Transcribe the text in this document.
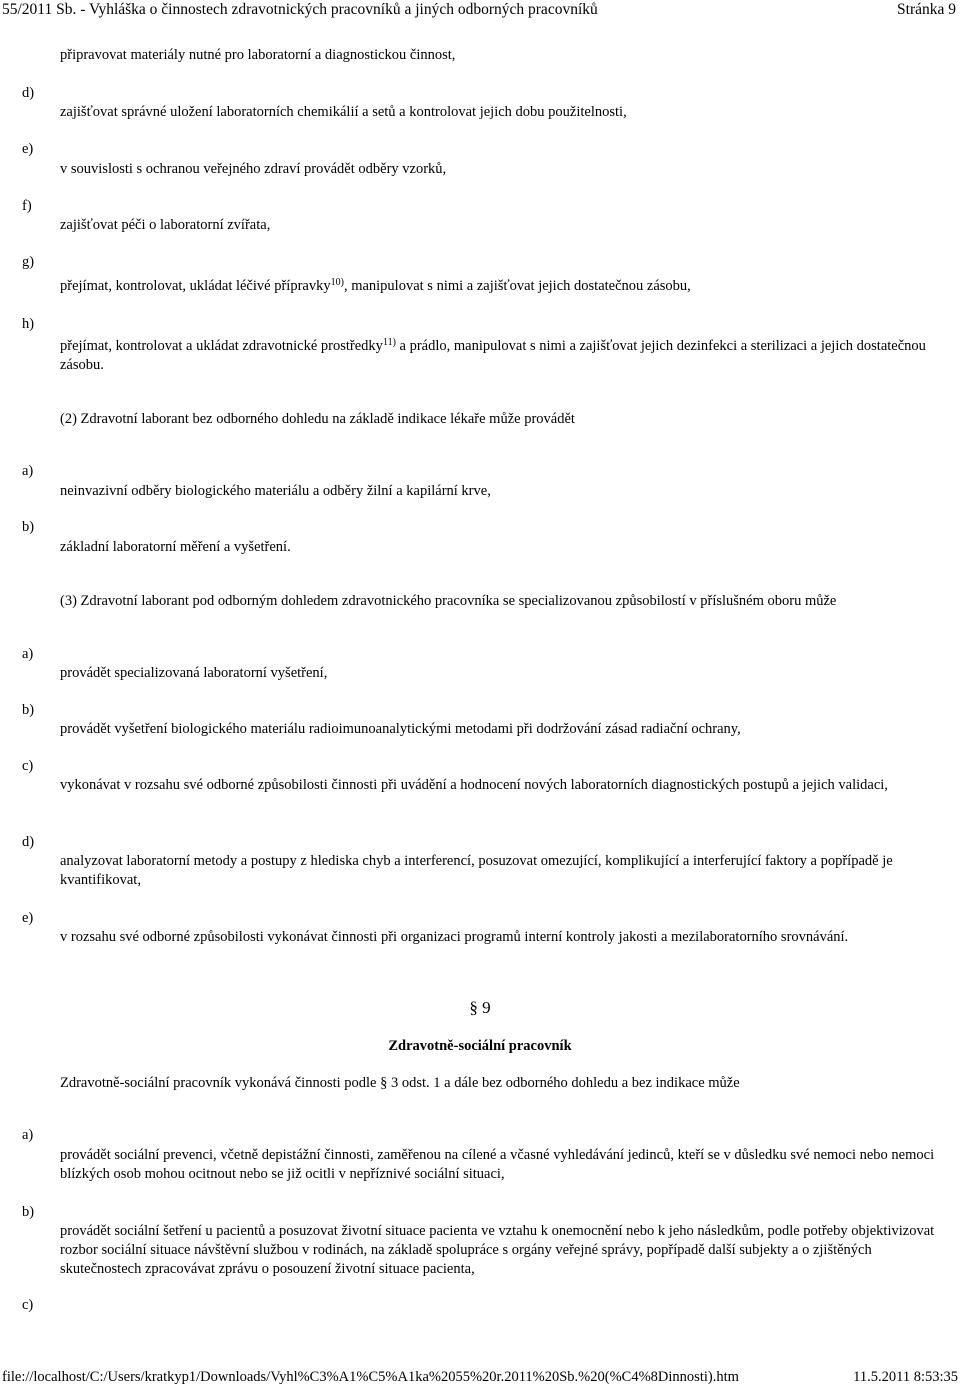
55/2011 Sb. - Vyhláška o činnostech zdravotnických pracovníků a jiných odborných pracovníků	Stránka 9
připravovat materiály nutné pro laboratorní a diagnostickou činnost,
d)
zajišťovat správné uložení laboratorních chemikálií a setů a kontrolovat jejich dobu použitelnosti,
e)
v souvislosti s ochranou veřejného zdraví provádět odběry vzorků,
f)
zajišťovat péči o laboratorní zvířata,
g)
přejímat, kontrolovat, ukládat léčivé přípravky$^{10)}$, manipulovat s nimi a zajišťovat jejich dostatečnou zásobu,
h)
přejímat, kontrolovat a ukládat zdravotnické prostředky$^{11)}$ a prádlo, manipulovat s nimi a zajišťovat jejich dezinfekci a sterilizaci a jejich dostatečnou zásobu.
(2) Zdravotní laborant bez odborného dohledu na základě indikace lékaře může provádět
a)
neinvazivní odběry biologického materiálu a odběry žilní a kapilární krve,
b)
základní laboratorní měření a vyšetření.
(3) Zdravotní laborant pod odborným dohledem zdravotnického pracovníka se specializovanou způsobilostí v příslušném oboru může
a)
provádět specializovaná laboratorní vyšetření,
b)
provádět vyšetření biologického materiálu radioimunoanalytickými metodami při dodržování zásad radiační ochrany,
c)
vykonávat v rozsahu své odborné způsobilosti činnosti při uvádění a hodnocení nových laboratorních diagnostických postupů a jejich validaci,
d)
analyzovat laboratorní metody a postupy z hlediska chyb a interferencí, posuzovat omezující, komplikující a interferující faktory a popřípadě je kvantifikovat,
e)
v rozsahu své odborné způsobilosti vykonávat činnosti při organizaci programů interní kontroly jakosti a mezilaboratorního srovnávání.
§ 9
Zdravotně-sociální pracovník
Zdravotně-sociální pracovník vykonává činnosti podle § 3 odst. 1 a dále bez odborného dohledu a bez indikace může
a)
provádět sociální prevenci, včetně depistážní činnosti, zaměřenou na cílené a včasné vyhledávání jedinců, kteří se v důsledku své nemoci nebo nemoci blízkých osob mohou ocitnout nebo se již ocitli v nepříznivé sociální situaci,
b)
provádět sociální šetření u pacientů a posuzovat životní situace pacienta ve vztahu k onemocnění nebo k jeho následkům, podle potřeby objektivizovat rozbor sociální situace návštěvní službou v rodinách, na základě spolupráce s orgány veřejné správy, popřípadě další subjekty a o zjištěných skutečnostech zpracovávat zprávu o posouzení životní situace pacienta,
c)
file://localhost/C:/Users/kratkyp1/Downloads/Vyhl%C3%A1%C5%A1ka%2055%20r.2011%20Sb.%20(%C4%8Dinnosti).htm	11.5.2011 8:53:35
